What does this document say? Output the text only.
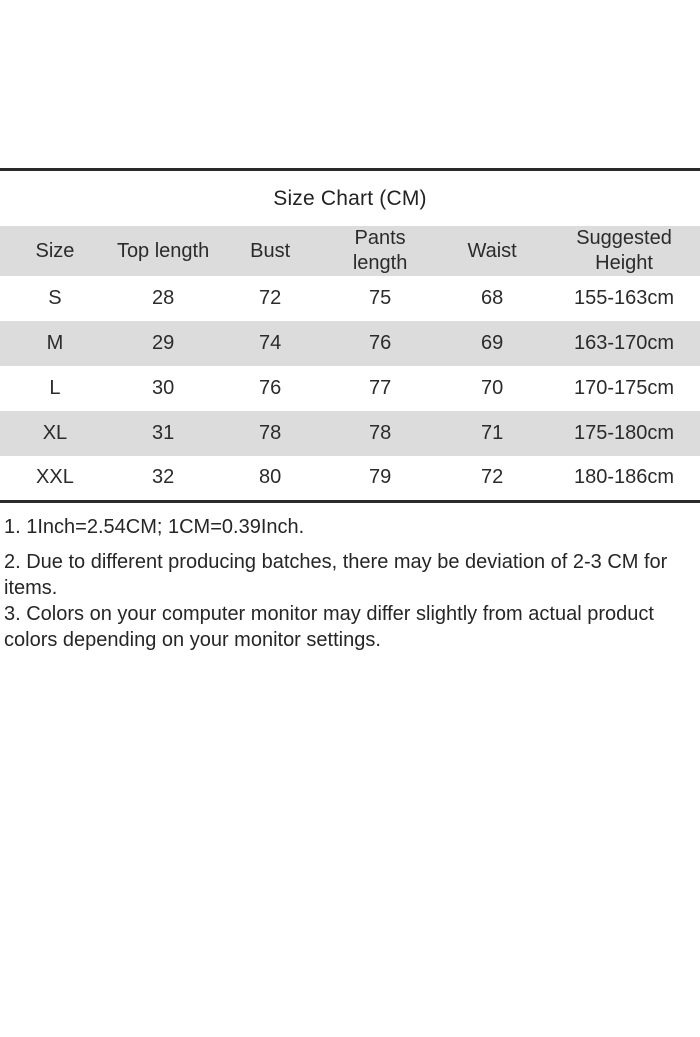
Size Chart (CM)
Size	Top length	Bust	Pants length	Waist	Suggested Height
S	28	72	75	68	155-163cm
M	29	74	76	69	163-170cm
L	30	76	77	70	170-175cm
XL	31	78	78	71	175-180cm
XXL	32	80	79	72	180-186cm

1. 1Inch=2.54CM; 1CM=0.39Inch.

2. Due to different producing batches, there may be deviation of 2-3 CM for items.

3. Colors on your computer monitor may differ slightly from actual product colors depending on your monitor settings.
